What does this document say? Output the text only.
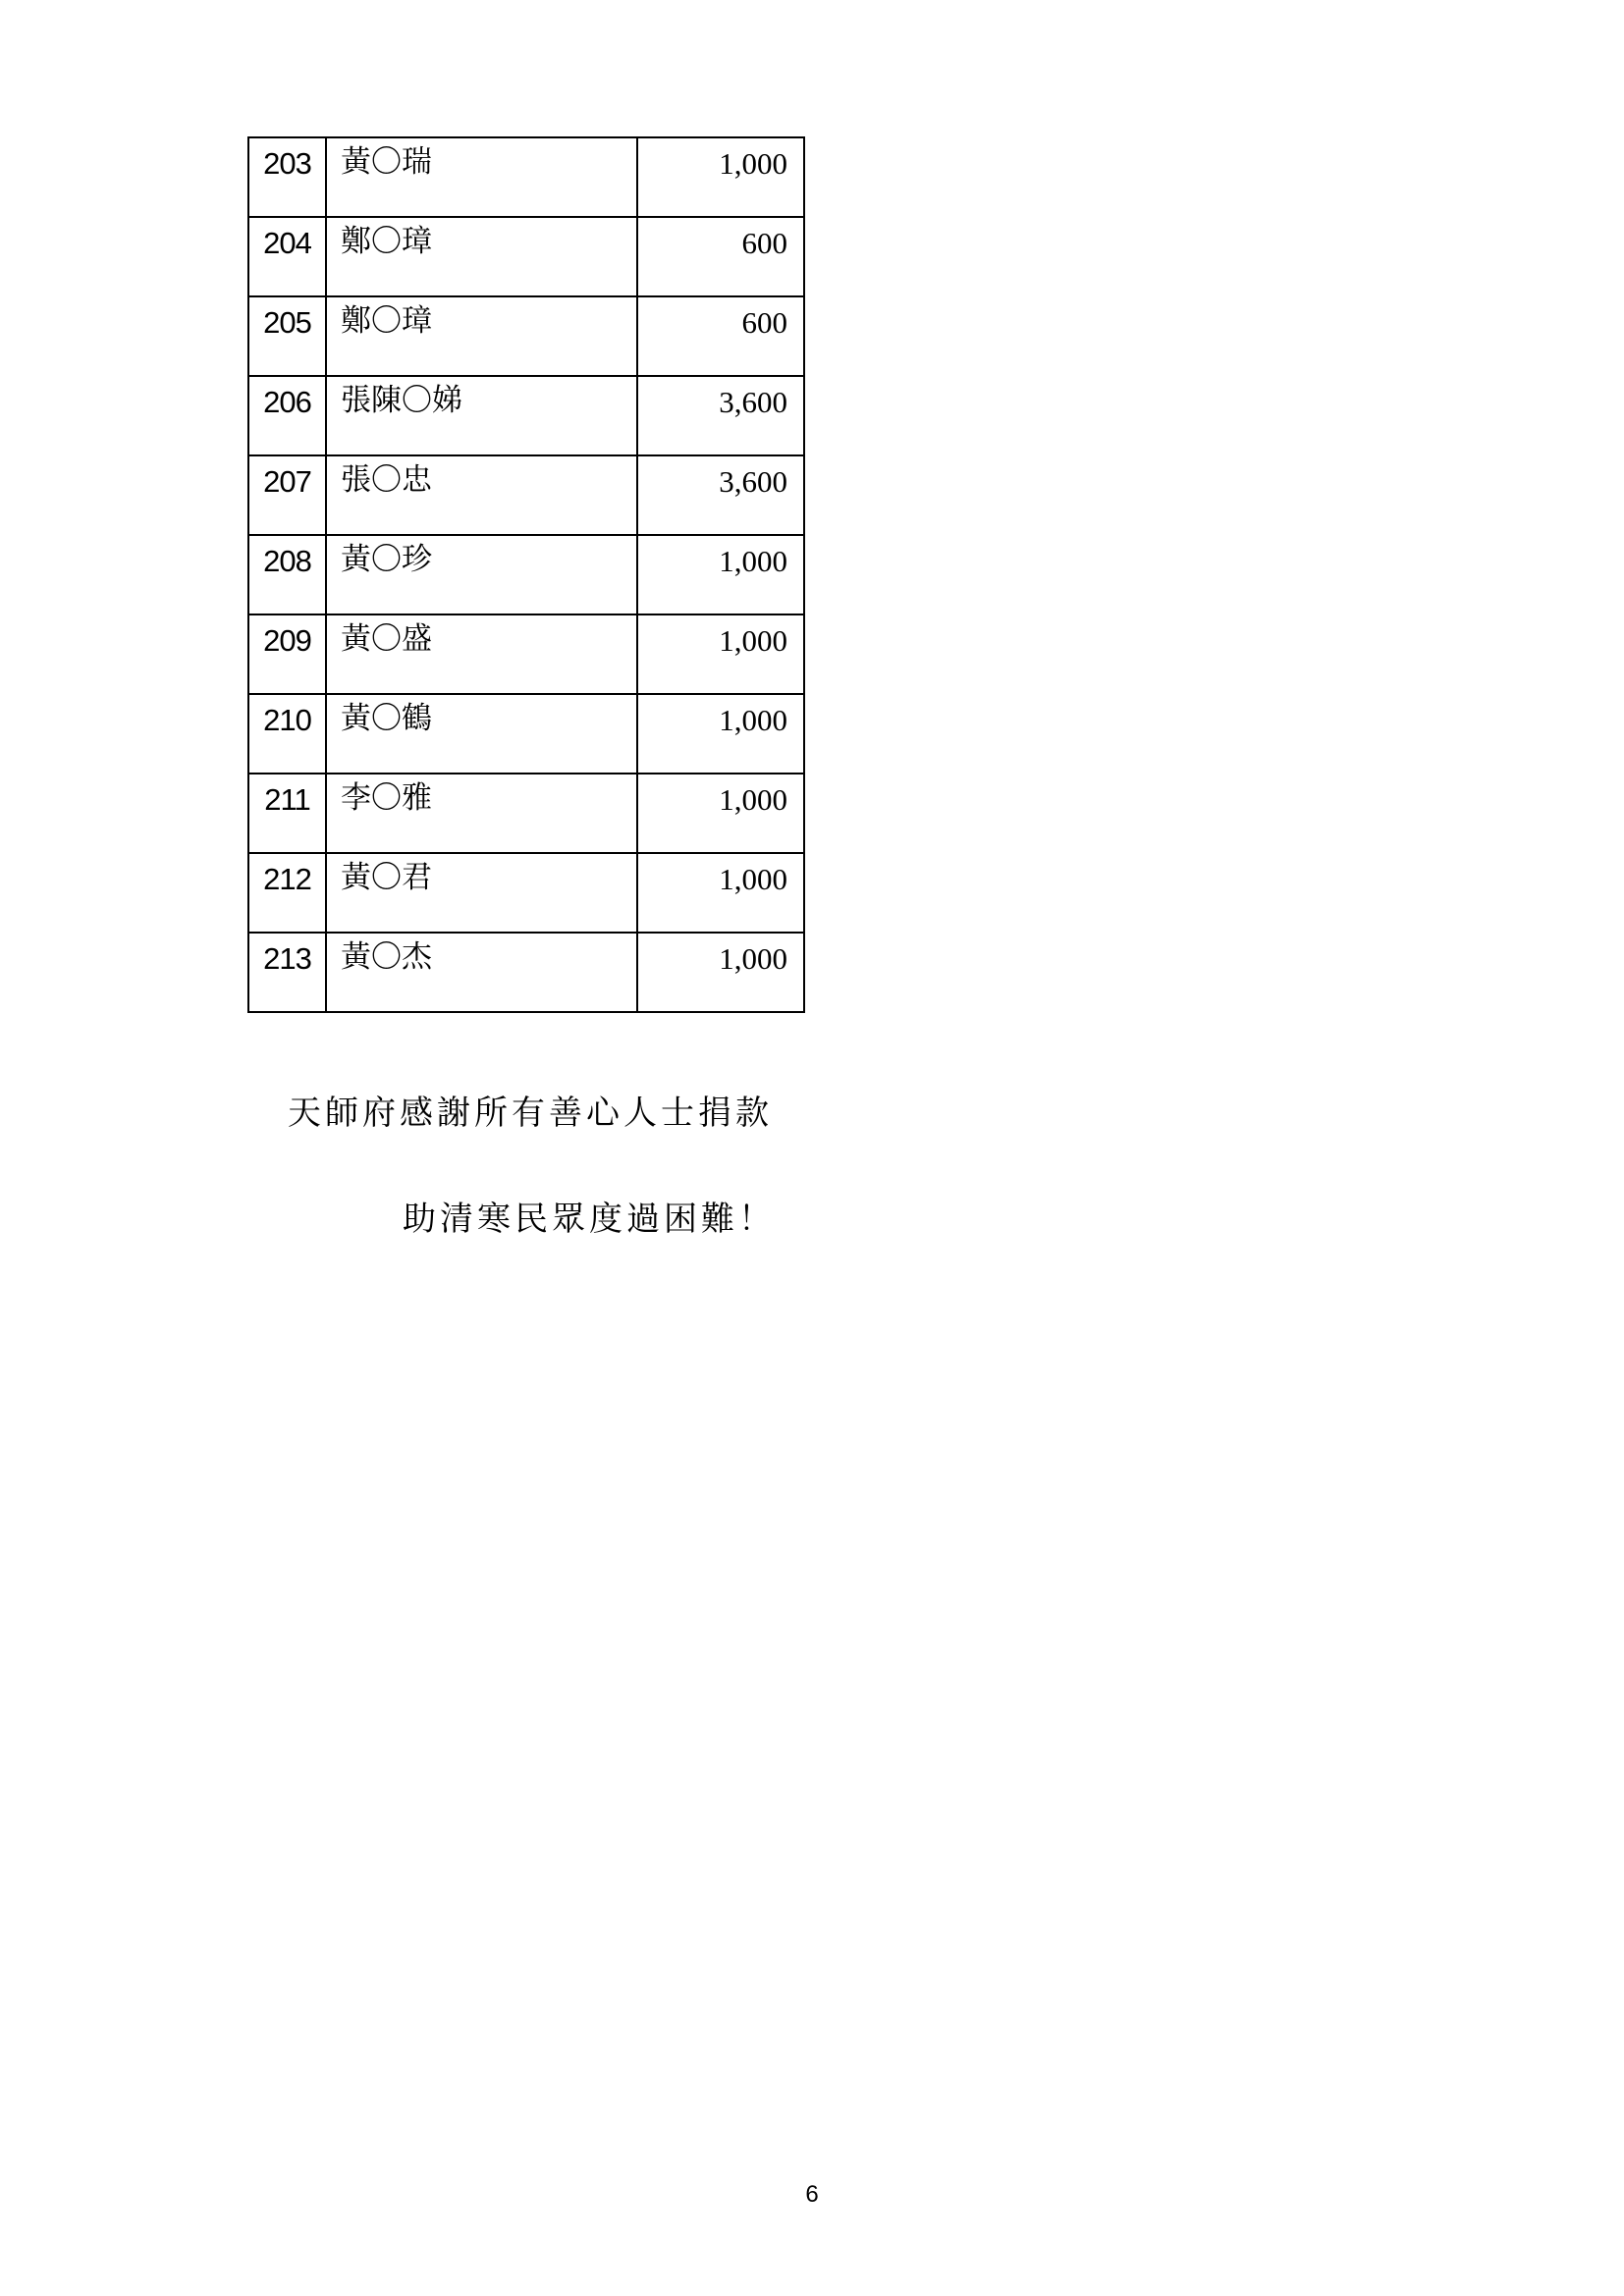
203	黃〇瑞	1,000
204	鄭〇璋	600
205	鄭〇璋	600
206	張陳〇娣	3,600
207	張〇忠	3,600
208	黃〇珍	1,000
209	黃〇盛	1,000
210	黃〇鶴	1,000
211	李〇雅	1,000
212	黃〇君	1,000
213	黃〇杰	1,000
天師府感謝所有善心人士捐款
助清寒民眾度過困難！
6
